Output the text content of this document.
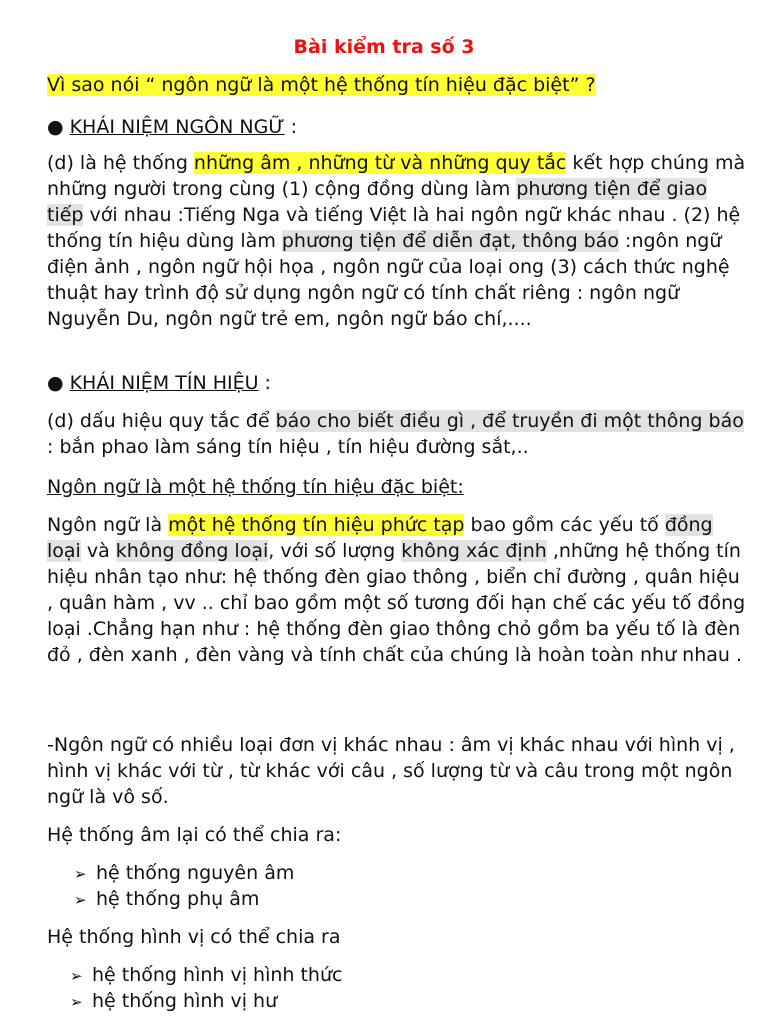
Bài kiểm tra số 3
Vì sao nói “ ngôn ngữ là một hệ thống tín hiệu đặc biệt” ?
● KHÁI NIỆM NGÔN NGỮ :
(d) là hệ thống những âm , những từ và những quy tắc kết hợp chúng mà những người trong cùng (1) cộng đồng dùng làm phương tiện để giao tiếp với nhau :Tiếng Nga và tiếng Việt là hai ngôn ngữ khác nhau . (2) hệ thống tín hiệu dùng làm phương tiện để diễn đạt, thông báo :ngôn ngữ điện ảnh , ngôn ngữ hội họa , ngôn ngữ của loại ong (3) cách thức nghệ thuật hay trình độ sử dụng ngôn ngữ có tính chất riêng : ngôn ngữ Nguyễn Du, ngôn ngữ trẻ em, ngôn ngữ báo chí,....
● KHÁI NIỆM TÍN HIỆU :
(d) dấu hiệu quy tắc để báo cho biết điều gì , để truyền đi một thông báo : bắn phao làm sáng tín hiệu , tín hiệu đường sắt,..
Ngôn ngữ là một hệ thống tín hiệu đặc biệt:
Ngôn ngữ là một hệ thống tín hiệu phức tạp bao gồm các yếu tố đồng loại và không đồng loại, với số lượng không xác định ,những hệ thống tín hiệu nhân tạo như: hệ thống đèn giao thông , biển chỉ đường , quân hiệu , quân hàm , vv .. chỉ bao gồm một số tương đối hạn chế các yếu tố đồng loại .Chẳng hạn như : hệ thống đèn giao thông chỏ gồm ba yếu tố là đèn đỏ , đèn xanh , đèn vàng và tính chất của chúng là hoàn toàn như nhau .
-Ngôn ngữ có nhiều loại đơn vị khác nhau : âm vị khác nhau với hình vị , hình vị khác với từ , từ khác với câu , số lượng từ và câu trong một ngôn ngữ là vô số.
Hệ thống âm lại có thể chia ra:
➢ hệ thống nguyên âm
➢ hệ thống phụ âm
Hệ thống hình vị có thể chia ra
➢ hệ thống hình vị hình thức
➢ hệ thống hình vị hư
